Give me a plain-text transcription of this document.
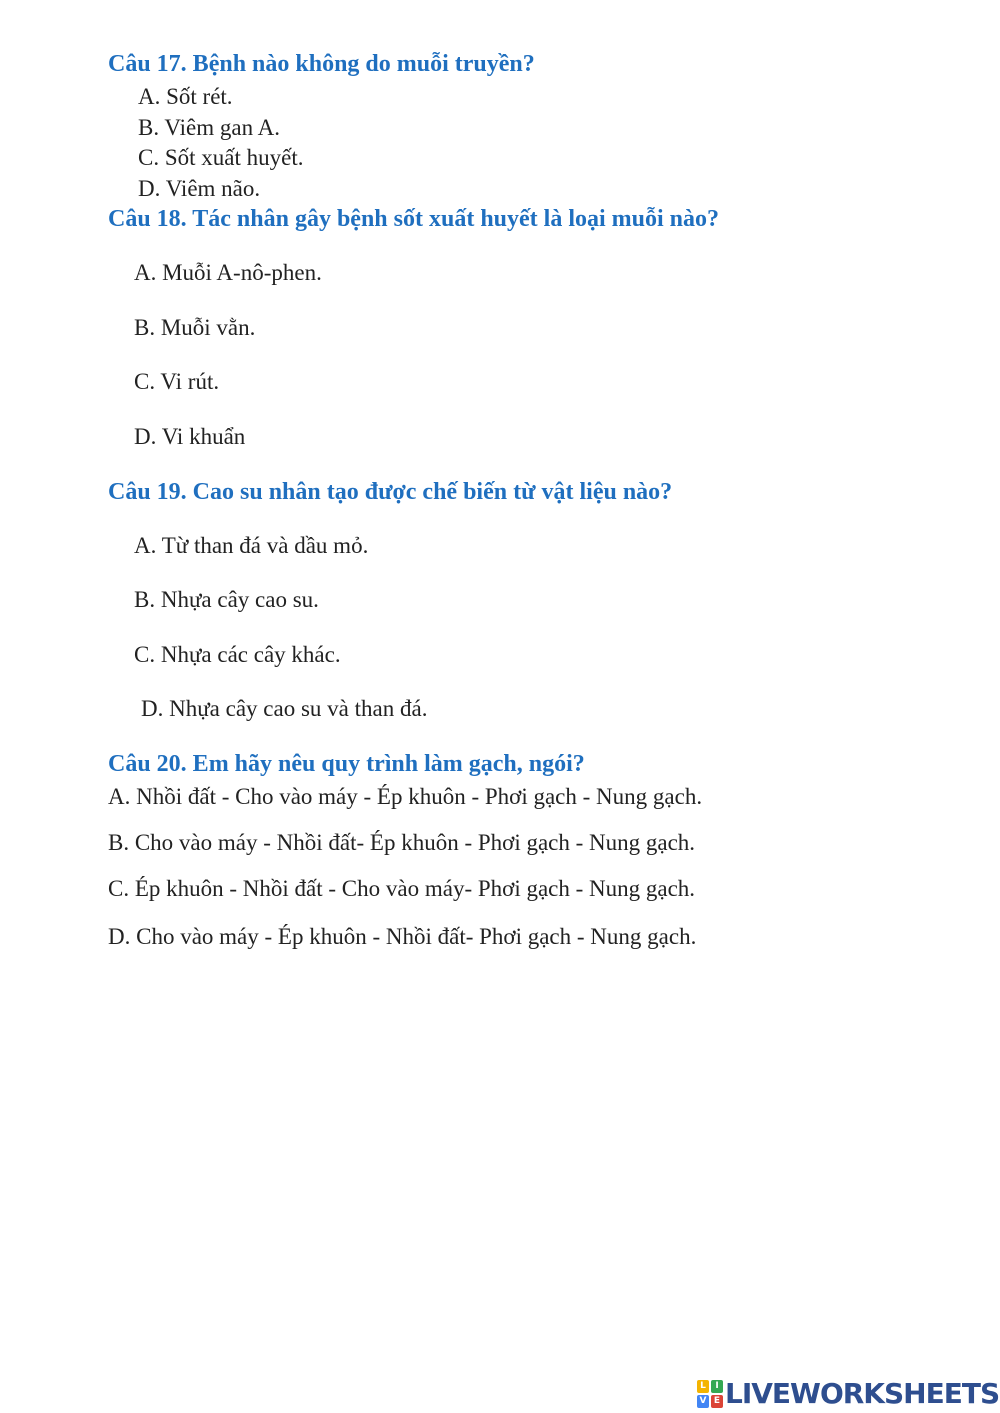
Câu 17. Bệnh nào không do muỗi truyền?
A. Sốt rét.
B. Viêm gan A.
C. Sốt xuất huyết.
D. Viêm não.
Câu 18. Tác nhân gây bệnh sốt xuất huyết là loại muỗi nào?
A. Muỗi A-nô-phen.
B. Muỗi vằn.
C. Vi rút.
D. Vi khuẩn
Câu 19. Cao su nhân tạo được chế biến từ vật liệu nào?
A. Từ than đá và dầu mỏ.
B. Nhựa cây cao su.
C. Nhựa các cây khác.
D. Nhựa cây cao su và than đá.
Câu 20. Em hãy nêu quy trình làm gạch, ngói?
A. Nhồi đất - Cho vào máy - Ép khuôn - Phơi gạch - Nung gạch.
B. Cho vào máy - Nhồi đất- Ép khuôn - Phơi gạch - Nung gạch.
C. Ép khuôn - Nhồi đất - Cho vào máy- Phơi gạch - Nung gạch.
D. Cho vào máy - Ép khuôn - Nhồi đất- Phơi gạch - Nung gạch.
L	I
V E LIVEWORKSHEETS
